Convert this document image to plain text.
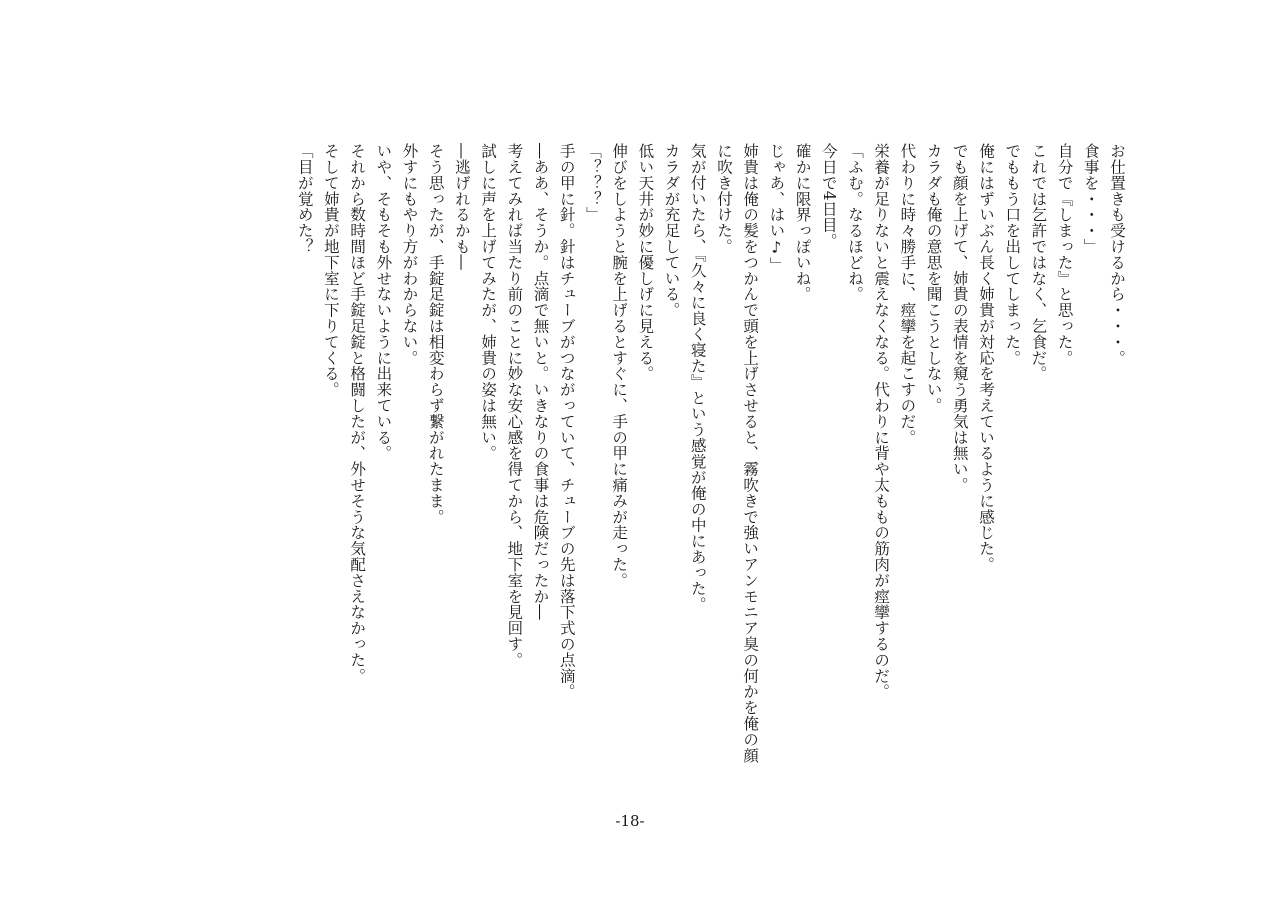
お仕置きも受けるから・・・。
食事を・・・」
自分で『しまった』と思った。
これでは乞許ではなく、乞食だ。
でももう口を出してしまった。
俺にはずいぶん長く姉貴が対応を考えているように感じた。
でも顔を上げて、姉貴の表情を窺う勇気は無い。
カラダも俺の意思を聞こうとしない。
代わりに時々勝手に、痙攣を起こすのだ。
栄養が足りないと震えなくなる。代わりに背や太ももの筋肉が痙攣するのだ。
「ふむ。なるほどね。
今日で4日目。
確かに限界っぽいね。
じゃあ、はい♪」
姉貴は俺の髪をつかんで頭を上げさせると、霧吹きで強いアンモニア臭の何かを俺の顔
に吹き付けた。
気が付いたら、『久々に良く寝た』という感覚が俺の中にあった。
カラダが充足している。
低い天井が妙に優しげに見える。
伸びをしようと腕を上げるとすぐに、手の甲に痛みが走った。
「？？？」
手の甲に針。針はチューブがつながっていて、チューブの先は落下式の点滴。
―ああ、そうか。点滴で無いと。いきなりの食事は危険だったか―
考えてみれば当たり前のことに妙な安心感を得てから、地下室を見回す。
試しに声を上げてみたが、姉貴の姿は無い。
―逃げれるかも―
そう思ったが、手錠足錠は相変わらず繋がれたまま。
外すにもやり方がわからない。
いや、そもそも外せないように出来ている。
それから数時間ほど手錠足錠と格闘したが、外せそうな気配さえなかった。
そして姉貴が地下室に下りてくる。
「目が覚めた？
‐18‐
